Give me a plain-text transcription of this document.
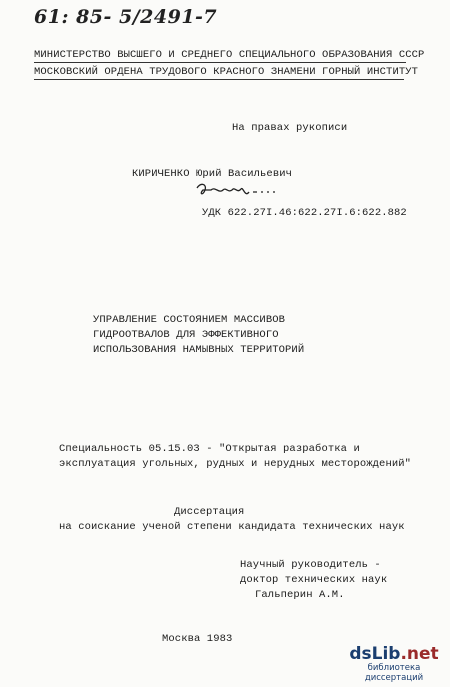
61: 85- 5/2491-7
МИНИСТЕРСТВО ВЫСШЕГО И СРЕДНЕГО СПЕЦИАЛЬНОГО ОБРАЗОВАНИЯ СССР
МОСКОВСКИЙ ОРДЕНА ТРУДОВОГО КРАСНОГО ЗНАМЕНИ ГОРНЫЙ ИНСТИТУТ
На правах рукописи
КИРИЧЕНКО Юрий Васильевич
УДК 622.27I.46:622.27I.6:622.882
УПРАВЛЕНИЕ СОСТОЯНИЕМ МАССИВОВ
ГИДРООТВАЛОВ ДЛЯ ЭФФЕКТИВНОГО
ИСПОЛЬЗОВАНИЯ НАМЫВНЫХ ТЕРРИТОРИЙ
Специальность 05.15.03 - "Открытая разработка и
эксплуатация угольных, рудных и нерудных месторождений"
Диссертация
на соискание ученой степени кандидата технических наук
Научный руководитель -
доктор технических наук
Гальперин А.М.
Москва 1983
dsLib.net
библиотека диссертаций
